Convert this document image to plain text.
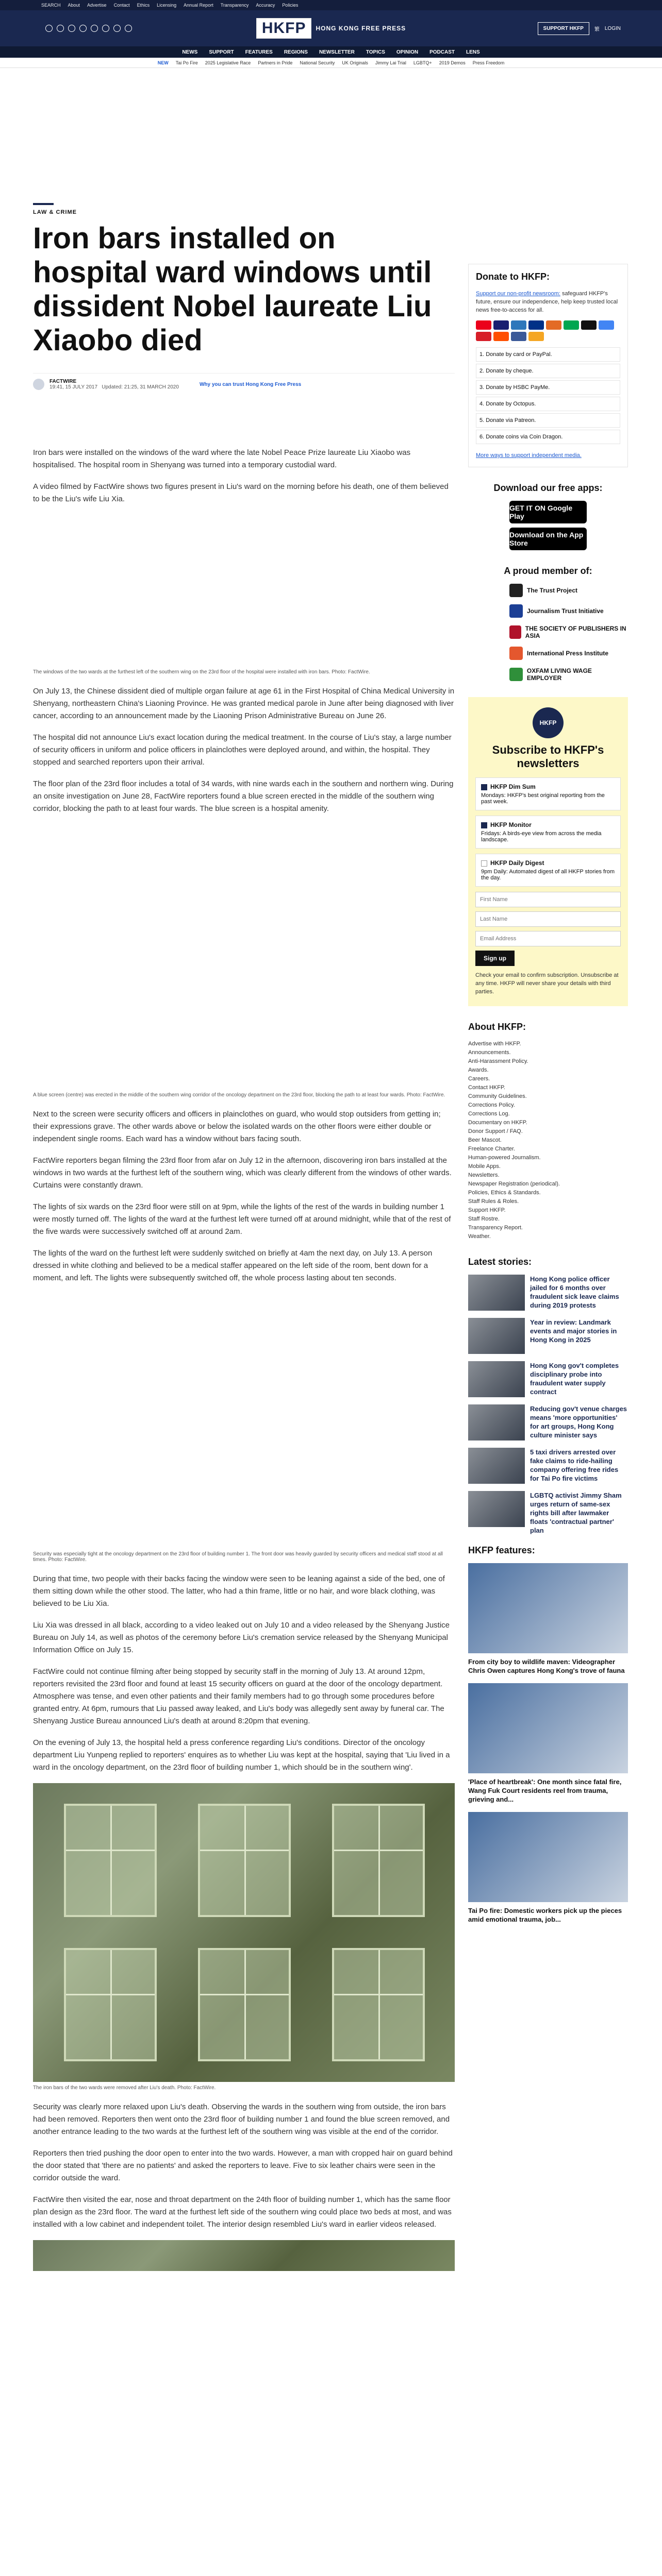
SEARCH About Advertise Contact Ethics Licensing Annual Report Transparency Accuracy Policies
HKFP	HONG KONG FREE PRESS	SUPPORT HKFP	繁 LOGIN
NEWS SUPPORT FEATURES REGIONS NEWSLETTER TOPICS OPINION PODCAST LENS
NEW Tai Po Fire 2025 Legislative Race Partners in Pride National Security UK Originals Jimmy Lai Trial LGBTQ+ 2019 Demos Press Freedom
LAW & CRIME
Iron bars installed on hospital ward windows until dissident Nobel laureate Liu Xiaobo died
FACTWIRE
19:41, 15 JULY 2017 Updated: 21:25, 31 MARCH 2020	Why you can trust Hong Kong Free Press

Iron bars were installed on the windows of the ward where the late Nobel Peace Prize laureate Liu Xiaobo was hospitalised. The hospital room in Shenyang was turned into a temporary custodial ward.

A video filmed by FactWire shows two figures present in Liu's ward on the morning before his death, one of them believed to be the Liu's wife Liu Xia.

The windows of the two wards at the furthest left of the southern wing on the 23rd floor of the hospital were installed with iron bars. Photo: FactWire.

On July 13, the Chinese dissident died of multiple organ failure at age 61 in the First Hospital of China Medical University in Shenyang, northeastern China's Liaoning Province. He was granted medical parole in June after being diagnosed with liver cancer, according to an announcement made by the Liaoning Prison Administrative Bureau on June 26.

The hospital did not announce Liu's exact location during the medical treatment. In the course of Liu's stay, a large number of security officers in uniform and police officers in plainclothes were deployed around, and within, the hospital. They stopped and searched reporters upon their arrival.

The floor plan of the 23rd floor includes a total of 34 wards, with nine wards each in the southern and northern wing. During an onsite investigation on June 28, FactWire reporters found a blue screen erected in the middle of the southern wing corridor, blocking the path to at least four wards. The blue screen is a hospital amenity.

A blue screen (centre) was erected in the middle of the southern wing corridor of the oncology department on the 23rd floor, blocking the path to at least four wards. Photo: FactWire.

Next to the screen were security officers and officers in plainclothes on guard, who would stop outsiders from getting in; their expressions grave. The other wards above or below the isolated wards on the other floors were either double or independent single rooms. Each ward has a window without bars facing south.

FactWire reporters began filming the 23rd floor from afar on July 12 in the afternoon, discovering iron bars installed at the windows in two wards at the furthest left of the southern wing, which was clearly different from the windows of other wards. Curtains were constantly drawn.

The lights of six wards on the 23rd floor were still on at 9pm, while the lights of the rest of the wards in building number 1 were mostly turned off. The lights of the ward at the furthest left were turned off at around midnight, while that of the rest of the five wards were successively switched off at around 2am.

The lights of the ward on the furthest left were suddenly switched on briefly at 4am the next day, on July 13. A person dressed in white clothing and believed to be a medical staffer appeared on the left side of the room, bent down for a moment, and left. The lights were subsequently switched off, the whole process lasting about ten seconds.

Security was especially tight at the oncology department on the 23rd floor of building number 1. The front door was heavily guarded by security officers and medical staff stood at all times. Photo: FactWire.

During that time, two people with their backs facing the window were seen to be leaning against a side of the bed, one of them sitting down while the other stood. The latter, who had a thin frame, little or no hair, and wore black clothing, was believed to be Liu Xia.

Liu Xia was dressed in all black, according to a video leaked out on July 10 and a video released by the Shenyang Justice Bureau on July 14, as well as photos of the ceremony before Liu's cremation service released by the Shenyang Municipal Information Office on July 15.

FactWire could not continue filming after being stopped by security staff in the morning of July 13. At around 12pm, reporters revisited the 23rd floor and found at least 15 security officers on guard at the door of the oncology department. Atmosphere was tense, and even other patients and their family members had to go through some procedures before granted entry. At 6pm, rumours that Liu passed away leaked, and Liu's body was allegedly sent away by funeral car. The Shenyang Justice Bureau announced Liu's death at around 8:20pm that evening.

On the evening of July 13, the hospital held a press conference regarding Liu's conditions. Director of the oncology department Liu Yunpeng replied to reporters' enquires as to whether Liu was kept at the hospital, saying that 'Liu lived in a ward in the oncology department, on the 23rd floor of building number 1, which should be in the southern wing'.

The iron bars of the two wards were removed after Liu's death. Photo: FactWire.

Security was clearly more relaxed upon Liu's death. Observing the wards in the southern wing from outside, the iron bars had been removed. Reporters then went onto the 23rd floor of building number 1 and found the blue screen removed, and another entrance leading to the two wards at the furthest left of the southern wing was visible at the end of the corridor.

Reporters then tried pushing the door open to enter into the two wards. However, a man with cropped hair on guard behind the door stated that 'there are no patients' and asked the reporters to leave. Five to six leather chairs were seen in the corridor outside the ward.

FactWire then visited the ear, nose and throat department on the 24th floor of building number 1, which has the same floor plan design as the 23rd floor. The ward at the furthest left side of the southern wing could place two beds at most, and was installed with a low cabinet and independent toilet. The interior design resembled Liu's ward in earlier videos released.

Donate to HKFP:

Support our non-profit newsroom: safeguard HKFP's future, ensure our independence, help keep trusted local news free-to-access for all.

1. Donate by card or PayPal.
2. Donate by cheque.
3. Donate by HSBC PayMe.
4. Donate by Octopus.
5. Donate via Patreon.
6. Donate coins via Coin Dragon.

More ways to support independent media.

Download our free apps:
GET IT ON Google Play
Download on the App Store
A proud member of:
The Trust Project
Journalism Trust Initiative
THE SOCIETY OF PUBLISHERS IN ASIA
International Press Institute
OXFAM LIVING WAGE EMPLOYER
HKFP
Subscribe to HKFP's newsletters
HKFP Dim Sum
Mondays: HKFP's best original reporting from the past week.
HKFP Monitor
Fridays: A birds-eye view from across the media landscape.
HKFP Daily Digest
9pm Daily: Automated digest of all HKFP stories from the day.
First Name Last Name Email Address
Sign up

Check your email to confirm subscription. Unsubscribe at any time. HKFP will never share your details with third parties.

About HKFP:
Advertise with HKFP.
Announcements.
Anti-Harassment Policy.
Awards.
Careers.
Contact HKFP.
Community Guidelines.
Corrections Policy.
Corrections Log.
Documentary on HKFP.
Donor Support / FAQ.
Beer Mascot.
Freelance Charter.
Human-powered Journalism.
Mobile Apps.
Newsletters.
Newspaper Registration (periodical).
Policies, Ethics & Standards.
Staff Rules & Roles.
Support HKFP.
Staff Rostre.
Transparency Report.
Weather.
Latest stories:
Hong Kong police officer jailed for 6 months over fraudulent sick leave claims during 2019 protests
Year in review: Landmark events and major stories in Hong Kong in 2025
Hong Kong gov't completes disciplinary probe into fraudulent water supply contract
Reducing gov't venue charges means 'more opportunities' for art groups, Hong Kong culture minister says
5 taxi drivers arrested over fake claims to ride-hailing company offering free rides for Tai Po fire victims
LGBTQ activist Jimmy Sham urges return of same-sex rights bill after lawmaker floats 'contractual partner' plan
HKFP features:
From city boy to wildlife maven: Videographer Chris Owen captures Hong Kong's trove of fauna
'Place of heartbreak': One month since fatal fire, Wang Fuk Court residents reel from trauma, grieving and...
Tai Po fire: Domestic workers pick up the pieces amid emotional trauma, job...
